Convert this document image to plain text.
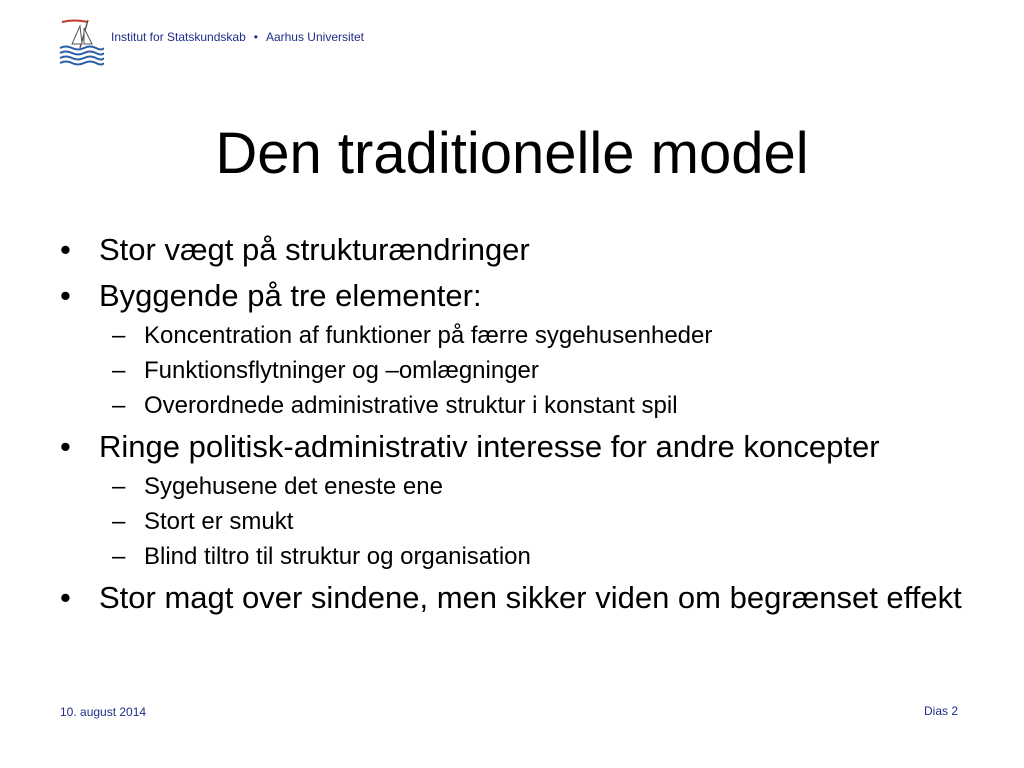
Institut for Statskundskab • Aarhus Universitet
Den traditionelle model
• Stor vægt på strukturændringer
• Byggende på tre elementer:
– Koncentration af funktioner på færre sygehusenheder
– Funktionsflytninger og –omlægninger
– Overordnede administrative struktur i konstant spil
• Ringe politisk-administrativ interesse for andre koncepter
– Sygehusene det eneste ene
– Stort er smukt
– Blind tiltro til struktur og organisation
• Stor magt over sindene, men sikker viden om begrænset effekt
10. august 2014	Dias 2
